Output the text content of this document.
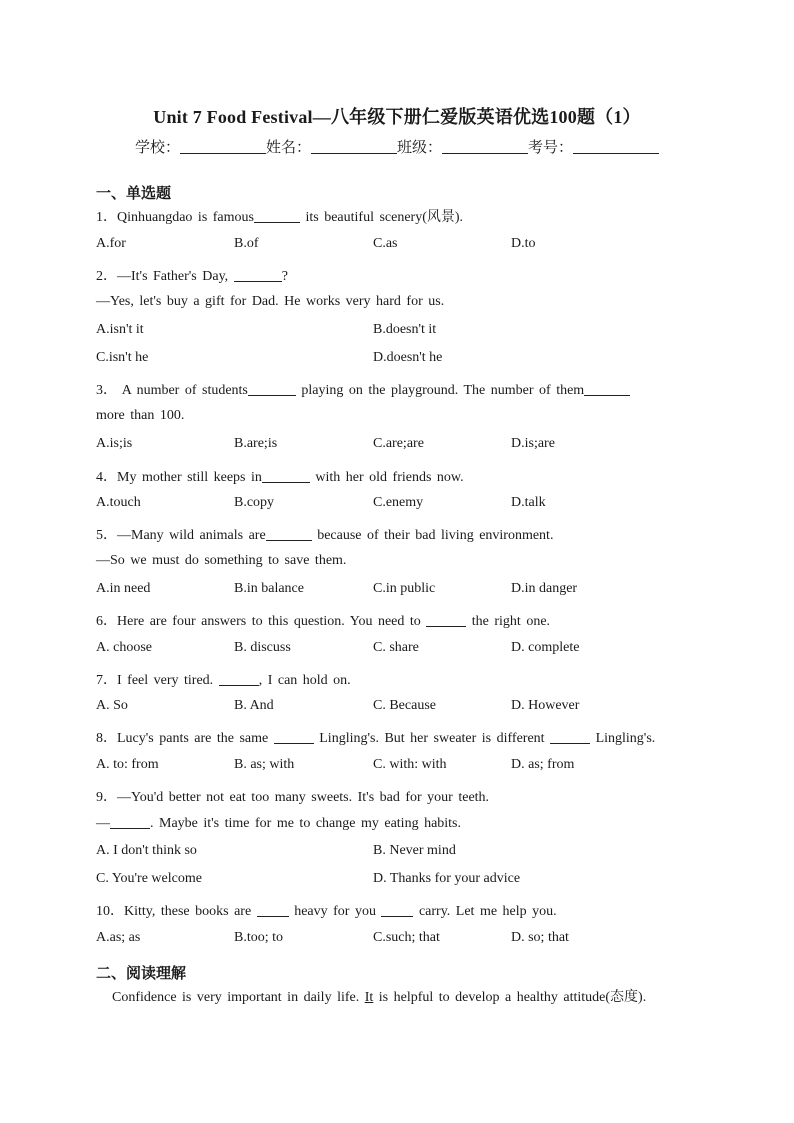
Unit 7 Food Festival—八年级下册仁爱版英语优选100题（1）
学校：	姓名：	班级：	考号：
一、单选题
1．Qinhuangdao is famous	its beautiful scenery(风景).
A.for	B.of	C.as	D.to
2．—It's Father's Day,	?
—Yes, let's buy a gift for Dad. He works very hard for us.
A.isn't it	B.doesn't it
C.isn't he	D.doesn't he
3． A number of students	playing on the playground. The number of them
more than 100.
A.is;is	B.are;is	C.are;are	D.is;are
4．My mother still keeps in	with her old friends now.
A.touch	B.copy	C.enemy	D.talk
5．—Many wild animals are	because of their bad living environment.
—So we must do something to save them.
A.in need	B.in balance	C.in public	D.in danger
6．Here are four answers to this question. You need to	the right one.
A. choose	B. discuss	C. share	D. complete
7．I feel very tired.	, I can hold on.
A. So	B. And	C. Because	D. However
8．Lucy's pants are the same	Lingling's. But her sweater is different	Lingling's.
A. to: from	B. as; with	C. with: with	D. as; from
9．—You'd better not eat too many sweets. It's bad for your teeth.
—	. Maybe it's time for me to change my eating habits.
A. I don't think so	B. Never mind
C. You're welcome	D. Thanks for your advice
10．Kitty, these books are  heavy for you  carry. Let me help you.
A.as; as	B.too; to	C.such; that	D. so; that
二、阅读理解
Confidence is very important in daily life. It is helpful to develop a healthy attitude(态度).
